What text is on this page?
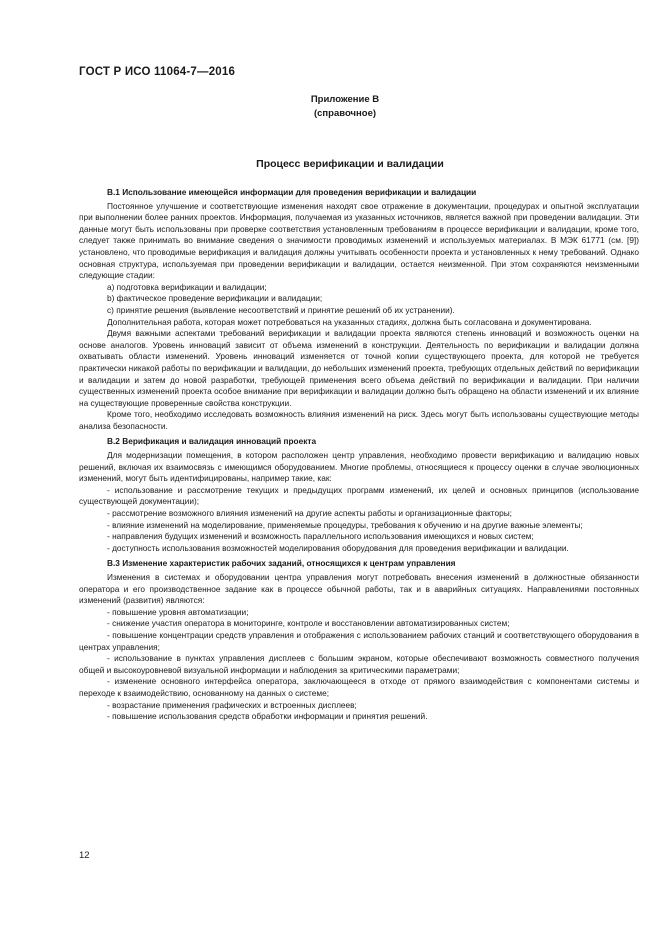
ГОСТ Р ИСО 11064-7—2016
Приложение В
(справочное)
Процесс верификации и валидации

В.1 Использование имеющейся информации для проведения верификации и валидации

Постоянное улучшение и соответствующие изменения находят свое отражение в документации, процедурах и опытной эксплуатации при выполнении более ранних проектов. Информация, получаемая из указанных источников, является важной при проведении валидации. Эти данные могут быть использованы при проверке соответствия установленным требованиям в процессе верификации и валидации, кроме того, следует также принимать во внимание сведения о значимости проводимых изменений и используемых материалах. В МЭК 61771 (см. [9]) установлено, что проводимые верификация и валидация должны учитывать особенности проекта и установленных к нему требований. Однако основная структура, используемая при проведении верификации и валидации, остается неизменной. При этом сохраняются неизменными следующие стадии:

a) подготовка верификации и валидации;

b) фактическое проведение верификации и валидации;

c) принятие решения (выявление несоответствий и принятие решений об их устранении).

Дополнительная работа, которая может потребоваться на указанных стадиях, должна быть согласована и документирована.

Двумя важными аспектами требований верификации и валидации проекта являются степень инноваций и возможность оценки на основе аналогов. Уровень инноваций зависит от объема изменений в конструкции. Деятельность по верификации и валидации должна охватывать области изменений. Уровень инноваций изменяется от точной копии существующего проекта, для которой не требуется практически никакой работы по верификации и валидации, до небольших изменений проекта, требующих отдельных действий по верификации и валидации и затем до новой разработки, требующей применения всего объема действий по верификации и валидации. При наличии существенных изменений проекта особое внимание при верификации и валидации должно быть обращено на области изменений и их влияние на существующие проверенные свойства конструкции.

Кроме того, необходимо исследовать возможность влияния изменений на риск. Здесь могут быть использованы существующие методы анализа безопасности.

В.2 Верификация и валидация инноваций проекта

Для модернизации помещения, в котором расположен центр управления, необходимо провести верификацию и валидацию новых решений, включая их взаимосвязь с имеющимся оборудованием. Многие проблемы, относящиеся к процессу оценки в случае эволюционных изменений, могут быть идентифицированы, например такие, как:

- использование и рассмотрение текущих и предыдущих программ изменений, их целей и основных принципов (использование существующей документации);

- рассмотрение возможного влияния изменений на другие аспекты работы и организационные факторы;

- влияние изменений на моделирование, применяемые процедуры, требования к обучению и на другие важные элементы;

- направления будущих изменений и возможность параллельного использования имеющихся и новых систем;

- доступность использования возможностей моделирования оборудования для проведения верификации и валидации.

В.3 Изменение характеристик рабочих заданий, относящихся к центрам управления

Изменения в системах и оборудовании центра управления могут потребовать внесения изменений в должностные обязанности оператора и его производственное задание как в процессе обычной работы, так и в аварийных ситуациях. Направлениями постоянных изменений (развития) являются:

- повышение уровня автоматизации;

- снижение участия оператора в мониторинге, контроле и восстановлении автоматизированных систем;

- повышение концентрации средств управления и отображения с использованием рабочих станций и соответствующего оборудования в центрах управления;

- использование в пунктах управления дисплеев с большим экраном, которые обеспечивают возможность совместного получения общей и высокоуровневой визуальной информации и наблюдения за критическими параметрами;

- изменение основного интерфейса оператора, заключающееся в отходе от прямого взаимодействия с компонентами системы и переходе к взаимодействию, основанному на данных о системе;

- возрастание применения графических и встроенных дисплеев;

- повышение использования средств обработки информации и принятия решений.

12
